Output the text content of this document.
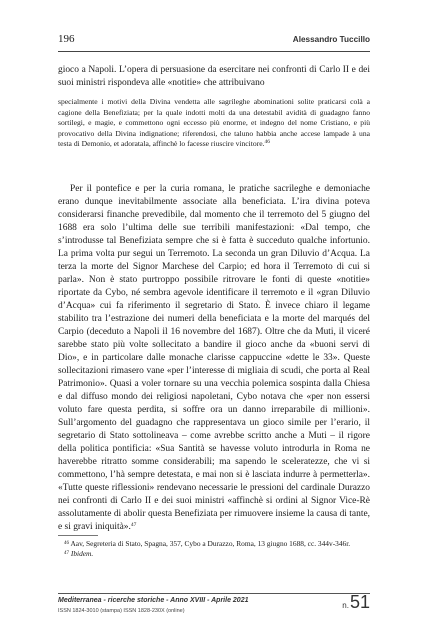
196	Alessandro Tuccillo

gioco a Napoli. L’opera di persuasione da esercitare nei confronti di Carlo II e dei suoi ministri rispondeva alle «notitie» che attribuivano

specialmente i motivi della Divina vendetta alle sagrileghe abominationi solite praticarsi colà a cagione della Benefiziata; per la quale indotti molti da una detestabil avidità di guadagno fanno sortilegi, e magie, e commettono ogni eccesso più enorme, et indegno del nome Cristiano, e più provocativo della Divina indignatione; riferendosi, che taluno habbia anche accese lampade à una testa di Demonio, et adoratala, affinchè lo facesse riuscire vincitore.$^{46}$

Per il pontefice e per la curia romana, le pratiche sacrileghe e demoniache erano dunque inevitabilmente associate alla beneficiata. L’ira divina poteva considerarsi finanche prevedibile, dal momento che il terremoto del 5 giugno del 1688 era solo l’ultima delle sue terribili manifestazioni: «Dal tempo, che s’introdusse tal Benefiziata sempre che si è fatta è succeduto qualche infortunio. La prima volta pur segui un Terremoto. La seconda un gran Diluvio d’Acqua. La terza la morte del Signor Marchese del Carpio; ed hora il Terremoto di cui si parla». Non è stato purtroppo possibile ritrovare le fonti di queste «notitie» riportate da Cybo, né sembra agevole identificare il terremoto e il «gran Diluvio d’Acqua» cui fa riferimento il segretario di Stato. È invece chiaro il legame stabilito tra l’estrazione dei numeri della beneficiata e la morte del marqués del Carpio (deceduto a Napoli il 16 novembre del 1687). Oltre che da Muti, il viceré sarebbe stato più volte sollecitato a bandire il gioco anche da «buoni servi di Dio», e in particolare dalle monache clarisse cappuccine «dette le 33». Queste sollecitazioni rimasero vane «per l’interesse di migliaia di scudi, che porta al Real Patrimonio». Quasi a voler tornare su una vecchia polemica sospinta dalla Chiesa e dal diffuso mondo dei religiosi napoletani, Cybo notava che «per non essersi voluto fare questa perdita, si soffre ora un danno irreparabile di millioni». Sull’argomento del guadagno che rappresentava un gioco simile per l’erario, il segretario di Stato sottolineava – come avrebbe scritto anche a Muti – il rigore della politica pontificia: «Sua Santità se havesse voluto introdurla in Roma ne haverebbe ritratto somme considerabili; ma sapendo le sceleratezze, che vi si commettono, l’hà sempre detestata, e mai non si è lasciata indurre à permetterla». «Tutte queste riflessioni» rendevano necessarie le pressioni del cardinale Durazzo nei confronti di Carlo II e dei suoi ministri «affinchè si ordini al Signor Vice-Rè assolutamente di abolir questa Benefiziata per rimuovere insieme la causa di tante, e si gravi iniquità».$^{47}$

$^{46}$ Aav, Segreteria di Stato, Spagna, 357, Cybo a Durazzo, Roma, 13 giugno 1688, cc. 344v-346r.

$^{47}$ Ibidem.

Mediterranea - ricerche storiche - Anno XVIII - Aprile 2021
ISSN 1824-3010 (stampa) ISSN 1828-230X (online)
n.51
